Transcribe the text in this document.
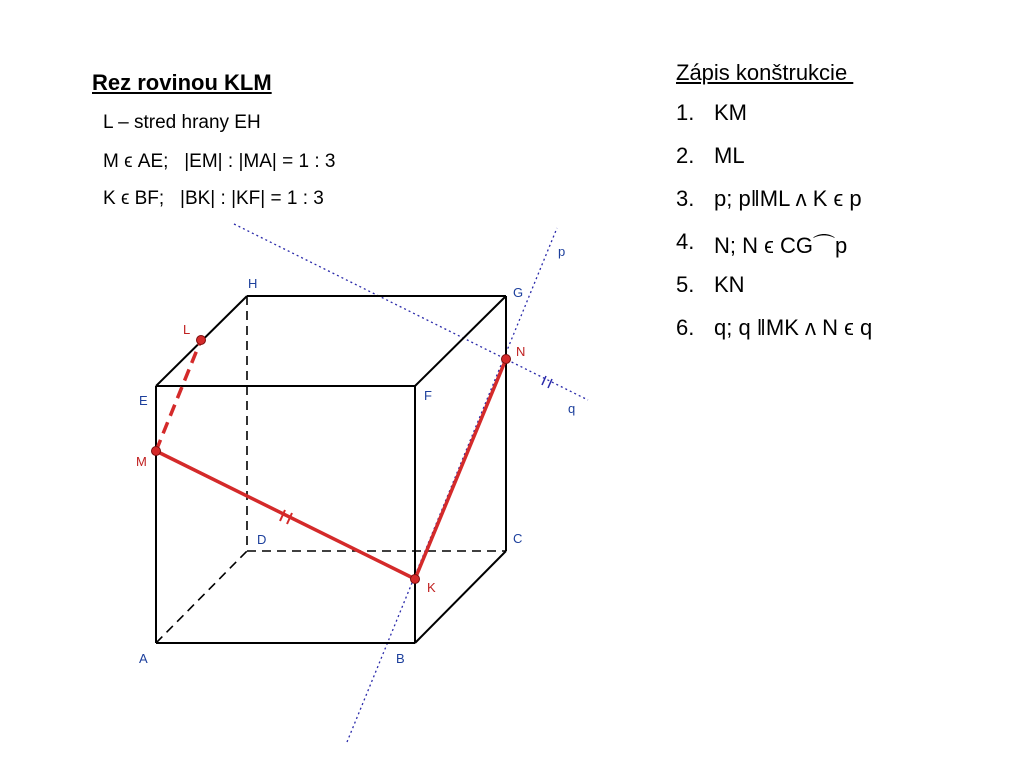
Rez rovinou KLM
L – stred hrany EH
M ϵ AE;   |EM| : |MA| = 1 : 3
K ϵ BF;   |BK| : |KF| = 1 : 3
Zápis konštrukcie
1. KM
2. ML
3. p; p‖ML ʌ K ϵ p
4. N; N ϵ CG⌒p
5. KN
6. q; q ‖MK ʌ N ϵ q
A	B
C
D
E	F
G
H
L
M
K
N
p
q
